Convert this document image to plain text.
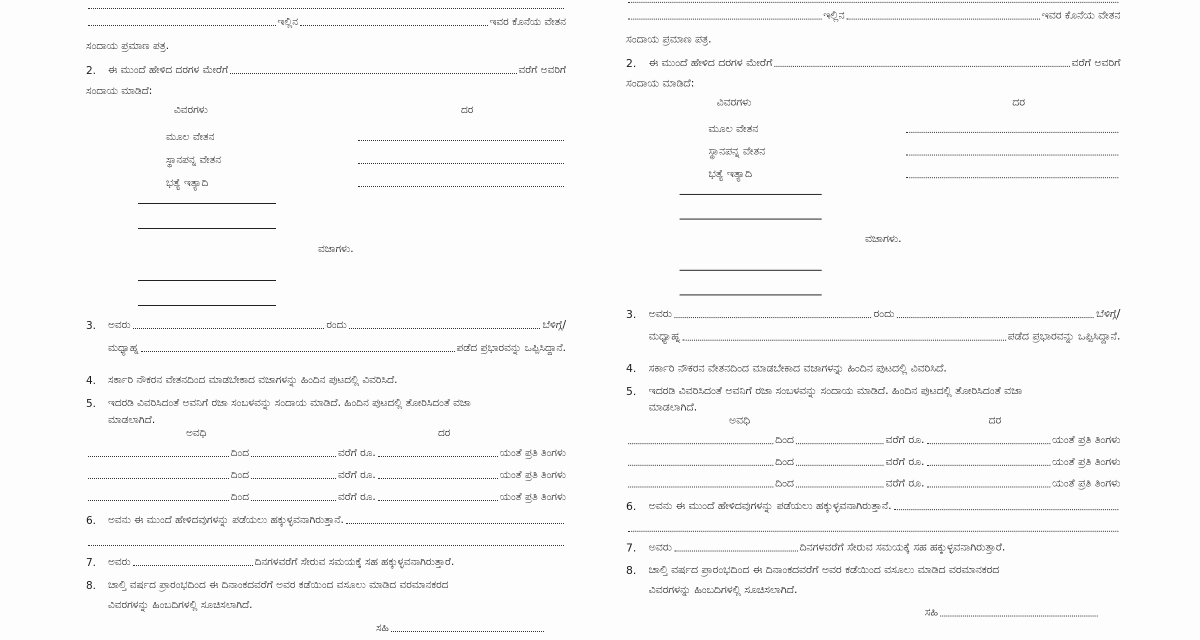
ಇಲ್ಲಿನ	ಇವರ ಕೊನೆಯ ವೇತನ
ಸಂದಾಯ ಪ್ರಮಾಣ ಪತ್ರ.
2.	ಈ ಮುಂದೆ ಹೇಳಿದ ದರಗಳ ಮೇರೆಗೆ	ವರೆಗೆ ಅವರಿಗೆ
ಸಂದಾಯ ಮಾಡಿದೆ:
ವಿವರಗಳು	ದರ
ಮೂಲ ವೇತನ
ಸ್ಥಾನಪನ್ನ ವೇತನ
ಭತ್ಯೆ ಇತ್ಯಾದಿ
ವಜಾಗಳು.
3.	ಅವರು	ರಂದು	ಬೆಳಿಗ್ಗೆ/
ಮಧ್ಯಾಹ್ನ	ಪಡೆದ ಪ್ರಭಾರವನ್ನು ಒಪ್ಪಿಸಿದ್ದಾನೆ.
4.	ಸರ್ಕಾರಿ ನೌಕರನ ವೇತನದಿಂದ ಮಾಡಬೇಕಾದ ವಜಾಗಳನ್ನು ಹಿಂದಿನ ಪುಟದಲ್ಲಿ ವಿವರಿಸಿದೆ.
5.	ಇದರಡಿ ವಿವರಿಸಿದಂತೆ ಅವನಿಗೆ ರಜಾ ಸಂಬಳವನ್ನು ಸಂದಾಯ ಮಾಡಿದೆ. ಹಿಂದಿನ ಪುಟದಲ್ಲಿ ತೋರಿಸಿದಂತೆ ವಜಾ
ಮಾಡಲಾಗಿದೆ.
ಅವಧಿ	ದರ
ದಿಂದ	ವರೆಗೆ ರೂ.	ಯಂತೆ ಪ್ರತಿ ತಿಂಗಳು
ದಿಂದ	ವರೆಗೆ ರೂ.	ಯಂತೆ ಪ್ರತಿ ತಿಂಗಳು
ದಿಂದ	ವರೆಗೆ ರೂ.	ಯಂತೆ ಪ್ರತಿ ತಿಂಗಳು
6.	ಅವನು ಈ ಮುಂದೆ ಹೇಳಿದವುಗಳನ್ನು ಪಡೆಯಲು ಹಕ್ಕುಳ್ಳವನಾಗಿರುತ್ತಾನೆ.
7.	ಅವರು	ದಿನಗಳವರೆಗೆ ಸೇರುವ ಸಮಯಕ್ಕೆ ಸಹ ಹಕ್ಕುಳ್ಳವನಾಗಿರುತ್ತಾರೆ.
8.	ಚಾಲ್ತಿ ವರ್ಷದ ಪ್ರಾರಂಭದಿಂದ ಈ ದಿನಾಂಕದವರೆಗೆ ಅವರ ಕಡೆಯಿಂದ ವಸೂಲು ಮಾಡಿದ ವರಮಾನಕರದ
ವಿವರಗಳನ್ನು ಹಿಂಬದಿಗಳಲ್ಲಿ ಸೂಚಿಸಲಾಗಿದೆ.
ಸಹಿ
ಇಲ್ಲಿನ	ಇವರ ಕೊನೆಯ ವೇತನ
ಸಂದಾಯ ಪ್ರಮಾಣ ಪತ್ರ.
2.	ಈ ಮುಂದೆ ಹೇಳಿದ ದರಗಳ ಮೇರೆಗೆ	ವರೆಗೆ ಅವರಿಗೆ
ಸಂದಾಯ ಮಾಡಿದೆ:
ವಿವರಗಳು	ದರ
ಮೂಲ ವೇತನ
ಸ್ಥಾನಪನ್ನ ವೇತನ
ಭತ್ಯೆ ಇತ್ಯಾದಿ
ವಜಾಗಳು.
3.	ಅವರು	ರಂದು	ಬೆಳಿಗ್ಗೆ/
ಮಧ್ಯಾಹ್ನ	ಪಡೆದ ಪ್ರಭಾರವನ್ನು ಒಪ್ಪಿಸಿದ್ದಾನೆ.
4.	ಸರ್ಕಾರಿ ನೌಕರನ ವೇತನದಿಂದ ಮಾಡಬೇಕಾದ ವಜಾಗಳನ್ನು ಹಿಂದಿನ ಪುಟದಲ್ಲಿ ವಿವರಿಸಿದೆ.
5.	ಇದರಡಿ ವಿವರಿಸಿದಂತೆ ಅವನಿಗೆ ರಜಾ ಸಂಬಳವನ್ನು ಸಂದಾಯ ಮಾಡಿದೆ. ಹಿಂದಿನ ಪುಟದಲ್ಲಿ ತೋರಿಸಿದಂತೆ ವಜಾ
ಮಾಡಲಾಗಿದೆ.
ಅವಧಿ	ದರ
ದಿಂದ	ವರೆಗೆ ರೂ.	ಯಂತೆ ಪ್ರತಿ ತಿಂಗಳು
ದಿಂದ	ವರೆಗೆ ರೂ.	ಯಂತೆ ಪ್ರತಿ ತಿಂಗಳು
ದಿಂದ	ವರೆಗೆ ರೂ.	ಯಂತೆ ಪ್ರತಿ ತಿಂಗಳು
6.	ಅವನು ಈ ಮುಂದೆ ಹೇಳಿದವುಗಳನ್ನು ಪಡೆಯಲು ಹಕ್ಕುಳ್ಳವನಾಗಿರುತ್ತಾನೆ.
7.	ಅವರು	ದಿನಗಳವರೆಗೆ ಸೇರುವ ಸಮಯಕ್ಕೆ ಸಹ ಹಕ್ಕುಳ್ಳವನಾಗಿರುತ್ತಾರೆ.
8.	ಚಾಲ್ತಿ ವರ್ಷದ ಪ್ರಾರಂಭದಿಂದ ಈ ದಿನಾಂಕದವರೆಗೆ ಅವರ ಕಡೆಯಿಂದ ವಸೂಲು ಮಾಡಿದ ವರಮಾನಕರದ
ವಿವರಗಳನ್ನು ಹಿಂಬದಿಗಳಲ್ಲಿ ಸೂಚಿಸಲಾಗಿದೆ.
ಸಹಿ
